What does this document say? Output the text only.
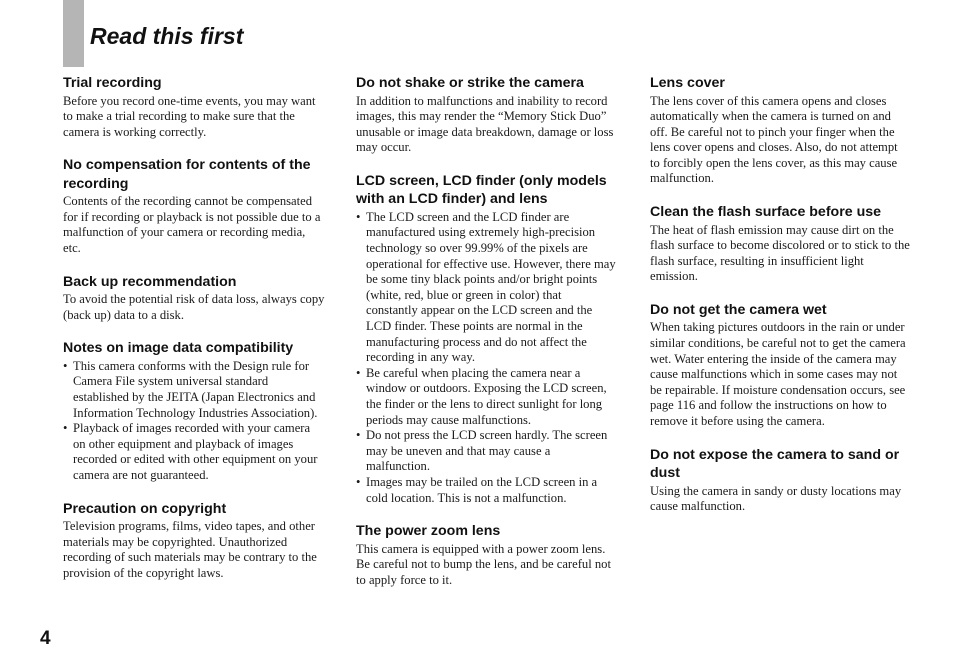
Read this first
Trial recording

Before you record one-time events, you may want to make a trial recording to make sure that the camera is working correctly.

No compensation for contents of the recording

Contents of the recording cannot be compensated for if recording or playback is not possible due to a malfunction of your camera or recording media, etc.

Back up recommendation

To avoid the potential risk of data loss, always copy (back up) data to a disk.

Notes on image data compatibility
• This camera conforms with the Design rule for Camera File system universal standard established by the JEITA (Japan Electronics and Information Technology Industries Association).
• Playback of images recorded with your camera on other equipment and playback of images recorded or edited with other equipment on your camera are not guaranteed.
Precaution on copyright

Television programs, films, video tapes, and other materials may be copyrighted. Unauthorized recording of such materials may be contrary to the provision of the copyright laws.

Do not shake or strike the camera

In addition to malfunctions and inability to record images, this may render the “Memory Stick Duo” unusable or image data breakdown, damage or loss may occur.

LCD screen, LCD finder (only models with an LCD finder) and lens
• The LCD screen and the LCD finder are manufactured using extremely high-precision technology so over 99.99% of the pixels are operational for effective use. However, there may be some tiny black points and/or bright points (white, red, blue or green in color) that constantly appear on the LCD screen and the LCD finder. These points are normal in the manufacturing process and do not affect the recording in any way.
• Be careful when placing the camera near a window or outdoors. Exposing the LCD screen, the finder or the lens to direct sunlight for long periods may cause malfunctions.
• Do not press the LCD screen hardly. The screen may be uneven and that may cause a malfunction.
• Images may be trailed on the LCD screen in a cold location. This is not a malfunction.
The power zoom lens

This camera is equipped with a power zoom lens. Be careful not to bump the lens, and be careful not to apply force to it.

Lens cover

The lens cover of this camera opens and closes automatically when the camera is turned on and off. Be careful not to pinch your finger when the lens cover opens and closes. Also, do not attempt to forcibly open the lens cover, as this may cause malfunction.

Clean the flash surface before use

The heat of flash emission may cause dirt on the flash surface to become discolored or to stick to the flash surface, resulting in insufficient light emission.

Do not get the camera wet

When taking pictures outdoors in the rain or under similar conditions, be careful not to get the camera wet. Water entering the inside of the camera may cause malfunctions which in some cases may not be repairable. If moisture condensation occurs, see page 116 and follow the instructions on how to remove it before using the camera.

Do not expose the camera to sand or dust

Using the camera in sandy or dusty locations may cause malfunction.

4
